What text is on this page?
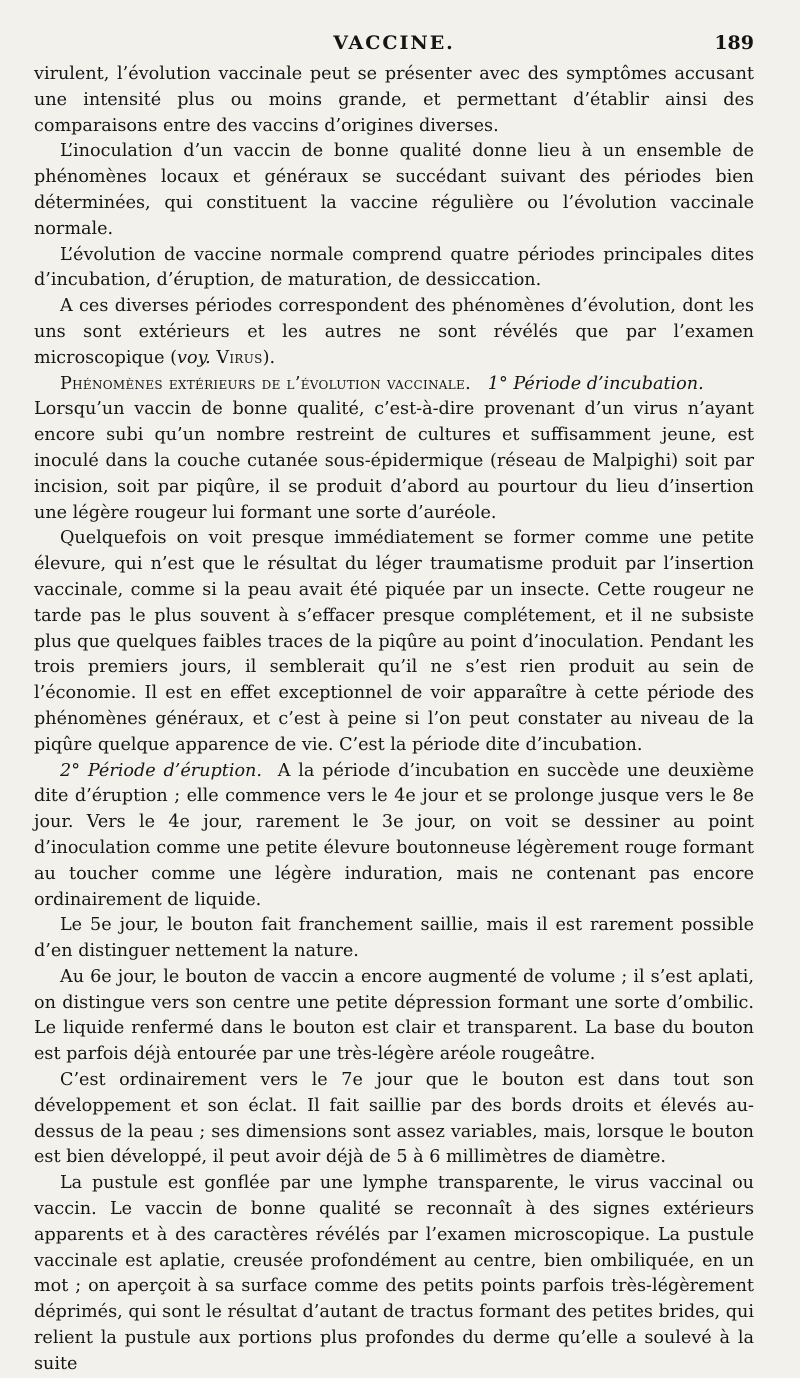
VACCINE.	189

virulent, l’évolution vaccinale peut se présenter avec des symptômes accusant une intensité plus ou moins grande, et permettant d’établir ainsi des comparaisons entre des vaccins d’origines diverses.

L’inoculation d’un vaccin de bonne qualité donne lieu à un ensemble de phénomènes locaux et généraux se succédant suivant des périodes bien déterminées, qui constituent la vaccine régulière ou l’évolution vaccinale normale.

L’évolution de vaccine normale comprend quatre périodes principales dites d’incubation, d’éruption, de maturation, de dessiccation.

A ces diverses périodes correspondent des phénomènes d’évolution, dont les uns sont extérieurs et les autres ne sont révélés que par l’examen microscopique (voy. Virus).

Phénomènes extérieurs de l’évolution vaccinale. 1° Période d’incubation.

Lorsqu’un vaccin de bonne qualité, c’est-à-dire provenant d’un virus n’ayant encore subi qu’un nombre restreint de cultures et suffisamment jeune, est inoculé dans la couche cutanée sous-épidermique (réseau de Malpighi) soit par incision, soit par piqûre, il se produit d’abord au pourtour du lieu d’insertion une légère rougeur lui formant une sorte d’auréole.

Quelquefois on voit presque immédiatement se former comme une petite élevure, qui n’est que le résultat du léger traumatisme produit par l’insertion vaccinale, comme si la peau avait été piquée par un insecte. Cette rougeur ne tarde pas le plus souvent à s’effacer presque complétement, et il ne subsiste plus que quelques faibles traces de la piqûre au point d’inoculation. Pendant les trois premiers jours, il semblerait qu’il ne s’est rien produit au sein de l’économie. Il est en effet exceptionnel de voir apparaître à cette période des phénomènes généraux, et c’est à peine si l’on peut constater au niveau de la piqûre quelque apparence de vie. C’est la période dite d’incubation.

2° Période d’éruption. A la période d’incubation en succède une deuxième dite d’éruption ; elle commence vers le 4e jour et se prolonge jusque vers le 8e jour. Vers le 4e jour, rarement le 3e jour, on voit se dessiner au point d’inoculation comme une petite élevure boutonneuse légèrement rouge formant au toucher comme une légère induration, mais ne contenant pas encore ordinairement de liquide.

Le 5e jour, le bouton fait franchement saillie, mais il est rarement possible d’en distinguer nettement la nature.

Au 6e jour, le bouton de vaccin a encore augmenté de volume ; il s’est aplati, on distingue vers son centre une petite dépression formant une sorte d’ombilic. Le liquide renfermé dans le bouton est clair et transparent. La base du bouton est parfois déjà entourée par une très-légère aréole rougeâtre.

C’est ordinairement vers le 7e jour que le bouton est dans tout son développement et son éclat. Il fait saillie par des bords droits et élevés au-dessus de la peau ; ses dimensions sont assez variables, mais, lorsque le bouton est bien développé, il peut avoir déjà de 5 à 6 millimètres de diamètre.

La pustule est gonflée par une lymphe transparente, le virus vaccinal ou vaccin. Le vaccin de bonne qualité se reconnaît à des signes extérieurs apparents et à des caractères révélés par l’examen microscopique. La pustule vaccinale est aplatie, creusée profondément au centre, bien ombiliquée, en un mot ; on aperçoit à sa surface comme des petits points parfois très-légèrement déprimés, qui sont le résultat d’autant de tractus formant des petites brides, qui relient la pustule aux portions plus profondes du derme qu’elle a soulevé à la suite
